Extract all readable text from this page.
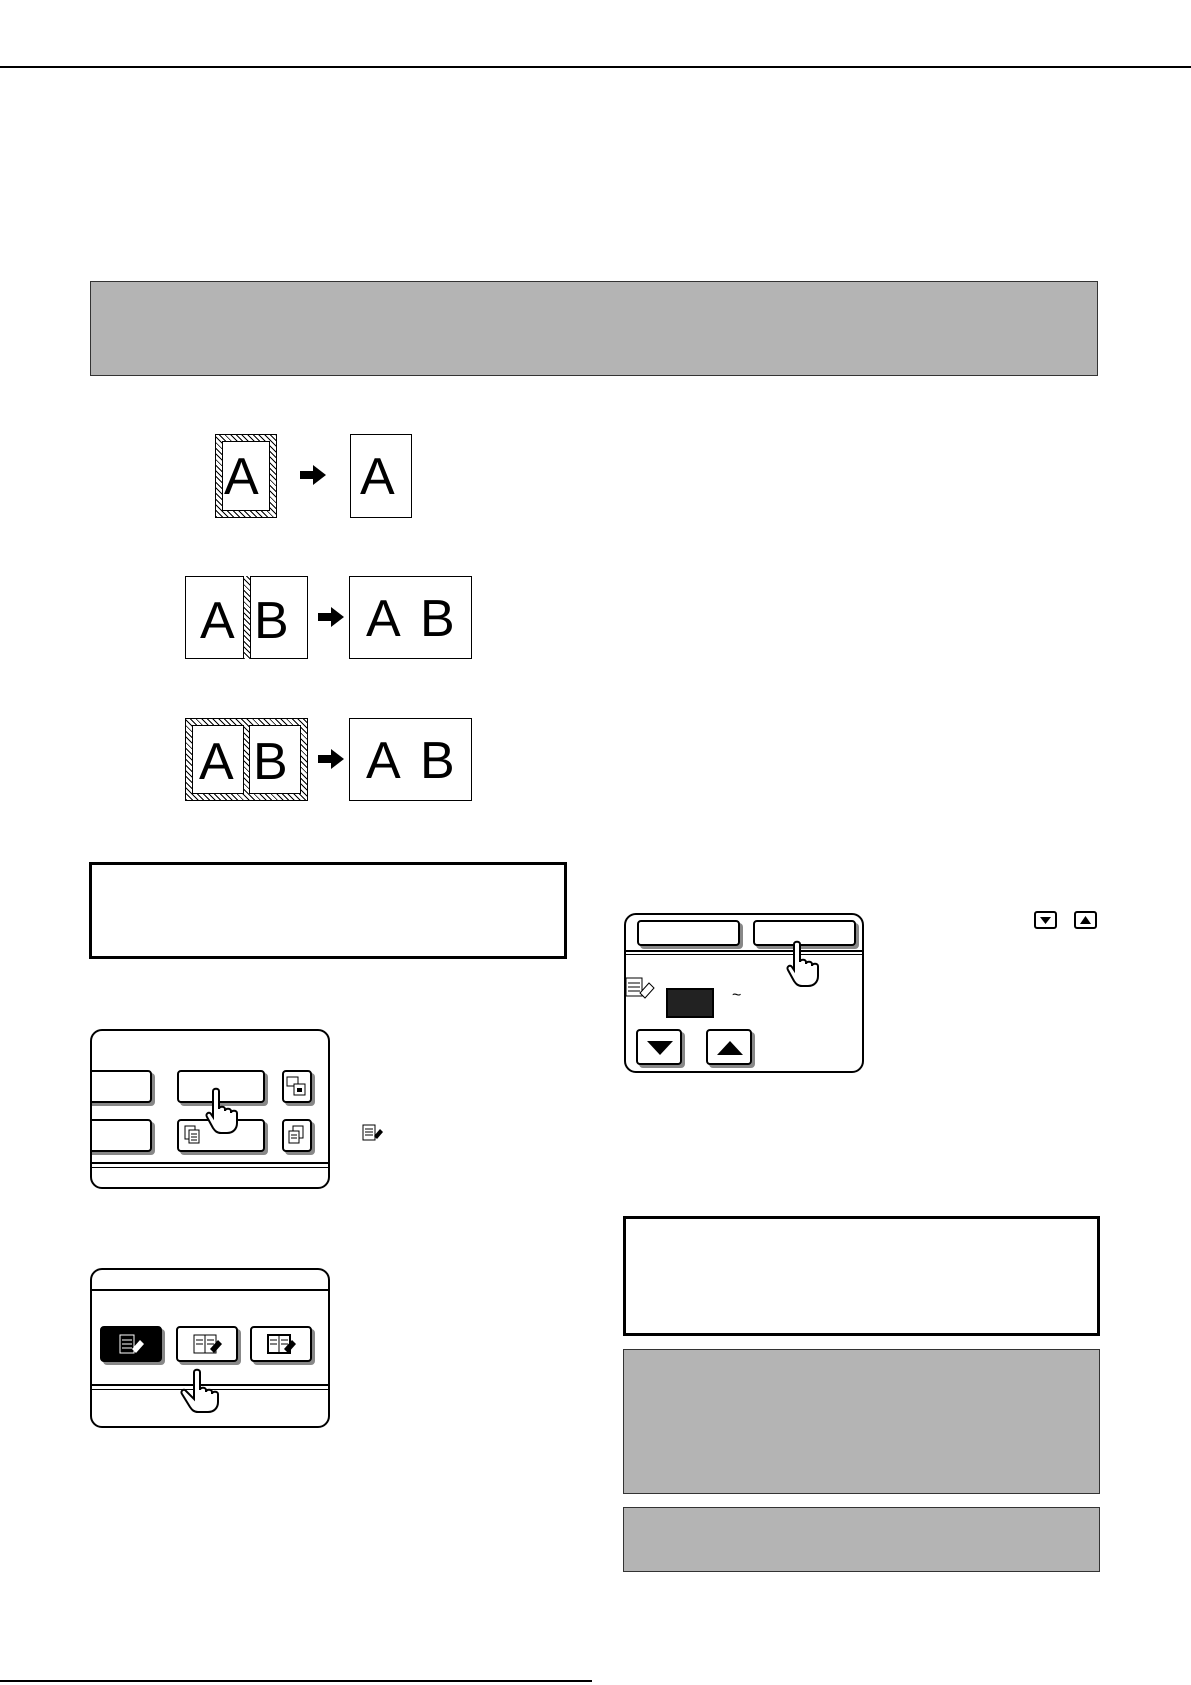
A A
A B A B
A B A B
~
